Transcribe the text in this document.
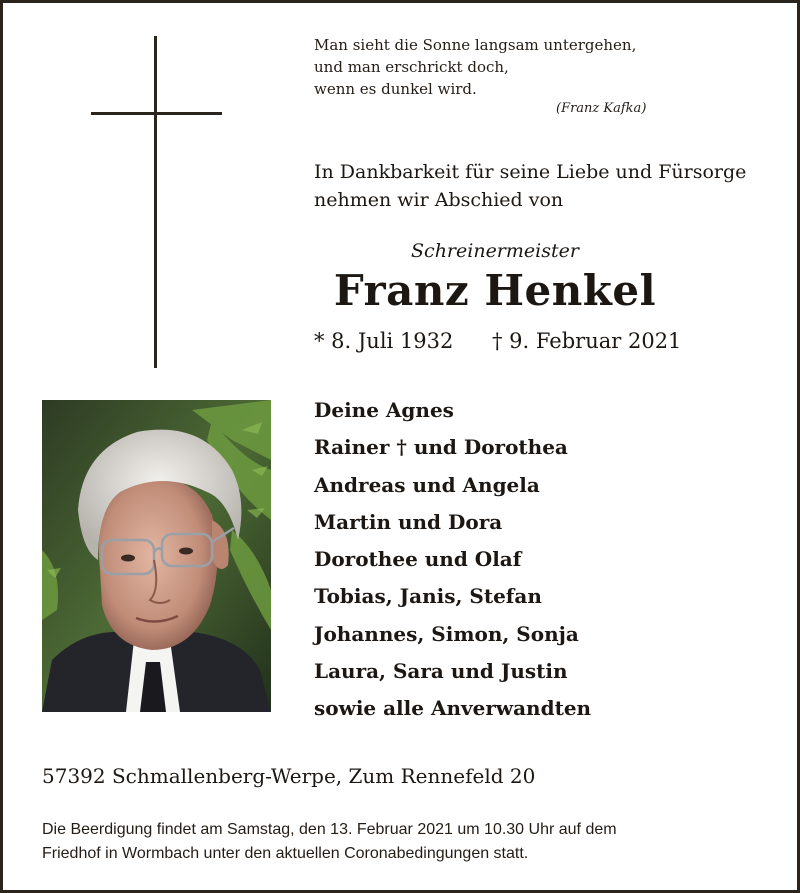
Man sieht die Sonne langsam untergehen,
und man erschrickt doch,
wenn es dunkel wird.
(Franz Kafka)
In Dankbarkeit für seine Liebe und Fürsorge
nehmen wir Abschied von
Schreinermeister
Franz Henkel
* 8. Juli 1932 † 9. Februar 2021
Deine Agnes
Rainer † und Dorothea
Andreas und Angela
Martin und Dora
Dorothee und Olaf
Tobias, Janis, Stefan
Johannes, Simon, Sonja
Laura, Sara und Justin
sowie alle Anverwandten
57392 Schmallenberg-Werpe, Zum Rennefeld 20
Die Beerdigung findet am Samstag, den 13. Februar 2021 um 10.30 Uhr auf dem
Friedhof in Wormbach unter den aktuellen Coronabedingungen statt.
